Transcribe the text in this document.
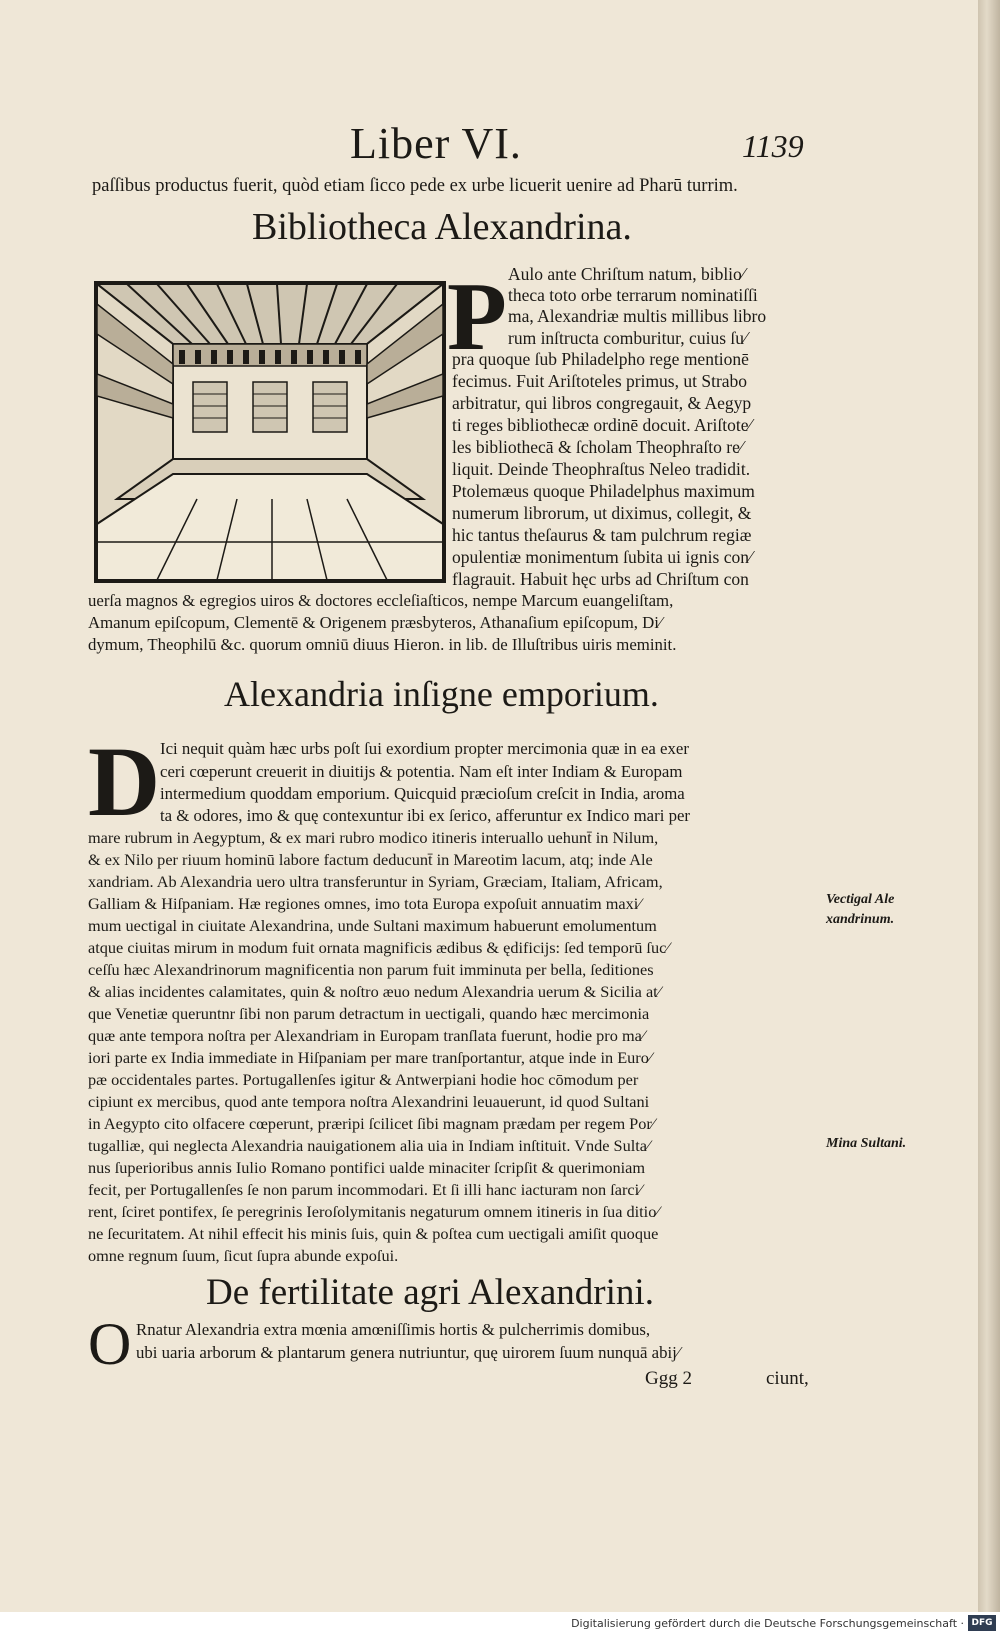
Liber VI.	1139
paſſibus productus fuerit, quòd etiam ſicco pede ex urbe licuerit uenire ad Pharū turrim.
Bibliotheca Alexandrina.
P Aulo ante Chriſtum natum, biblio⁄
theca toto orbe terrarum nominatiſſi
ma, Alexandriæ multis millibus libro
rum inſtructa comburitur, cuius ſu⁄
pra quoque ſub Philadelpho rege mentionē
fecimus. Fuit Ariſtoteles primus, ut Strabo
arbitratur, qui libros congregauit, & Aegyp
ti reges bibliothecæ ordinē docuit. Ariſtote⁄
les bibliothecā & ſcholam Theophraſto re⁄
liquit. Deinde Theophraſtus Neleo tradidit.
Ptolemæus quoque Philadelphus maximum
numerum librorum, ut diximus, collegit, &
hic tantus theſaurus & tam pulchrum regiæ
opulentiæ monimentum ſubita ui ignis con⁄
flagrauit. Habuit hęc urbs ad Chriſtum con
uerſa magnos & egregios uiros & doctores eccleſiaſticos, nempe Marcum euangeliſtam,
Amanum epiſcopum, Clementē & Origenem præsbyteros, Athanaſium epiſcopum, Di⁄
dymum, Theophilū &c. quorum omniū diuus Hieron. in lib. de Illuſtribus uiris meminit.
Alexandria inſigne emporium.
D Ici nequit quàm hæc urbs poſt ſui exordium propter mercimonia quæ in ea exer
ceri cœperunt creuerit in diuitijs & potentia. Nam eſt inter Indiam & Europam
intermedium quoddam emporium. Quicquid præcioſum creſcit in India, aroma
ta & odores, imo & quę contexuntur ibi ex ſerico, afferuntur ex Indico mari per
mare rubrum in Aegyptum, & ex mari rubro modico itineris interuallo uehunt̄ in Nilum,
& ex Nilo per riuum hominū labore factum deducunt̄ in Mareotim lacum, atq; inde Ale
xandriam. Ab Alexandria uero ultra transferuntur in Syriam, Græciam, Italiam, Africam,
Galliam & Hiſpaniam. Hæ regiones omnes, imo tota Europa expoſuit annuatim maxi⁄
mum uectigal in ciuitate Alexandrina, unde Sultani maximum habuerunt emolumentum
atque ciuitas mirum in modum fuit ornata magnificis ædibus & ędificijs: ſed temporū ſuc⁄
ceſſu hæc Alexandrinorum magnificentia non parum fuit imminuta per bella, ſeditiones
& alias incidentes calamitates, quin & noſtro æuo nedum Alexandria uerum & Sicilia at⁄
que Venetiæ queruntnr ſibi non parum detractum in uectigali, quando hæc mercimonia
quæ ante tempora noſtra per Alexandriam in Europam tranſlata fuerunt, hodie pro ma⁄
iori parte ex India immediate in Hiſpaniam per mare tranſportantur, atque inde in Euro⁄
pæ occidentales partes. Portugallenſes igitur & Antwerpiani hodie hoc cōmodum per
cipiunt ex mercibus, quod ante tempora noſtra Alexandrini leuauerunt, id quod Sultani
in Aegypto cito olfacere cœperunt, præripi ſcilicet ſibi magnam prædam per regem Por⁄
tugalliæ, qui neglecta Alexandria nauigationem alia uia in Indiam inſtituit. Vnde Sulta⁄
nus ſuperioribus annis Iulio Romano pontifici ualde minaciter ſcripſit & querimoniam
fecit, per Portugallenſes ſe non parum incommodari. Et ſi illi hanc iacturam non ſarci⁄
rent, ſciret pontifex, ſe peregrinis Ieroſolymitanis negaturum omnem itineris in ſua ditio⁄
ne ſecuritatem. At nihil effecit his minis ſuis, quin & poſtea cum uectigali amiſit quoque
omne regnum ſuum, ſicut ſupra abunde expoſui.
Vectigal Ale
xandrinum.
Mina Sultani.
De fertilitate agri Alexandrini.
O Rnatur Alexandria extra mœnia amœniſſimis hortis & pulcherrimis domibus,
ubi uaria arborum & plantarum genera nutriuntur, quę uirorem ſuum nunquā abij⁄
Ggg 2	ciunt,
Digitalisierung gefördert durch die Deutsche Forschungsgemeinschaft · DFG
